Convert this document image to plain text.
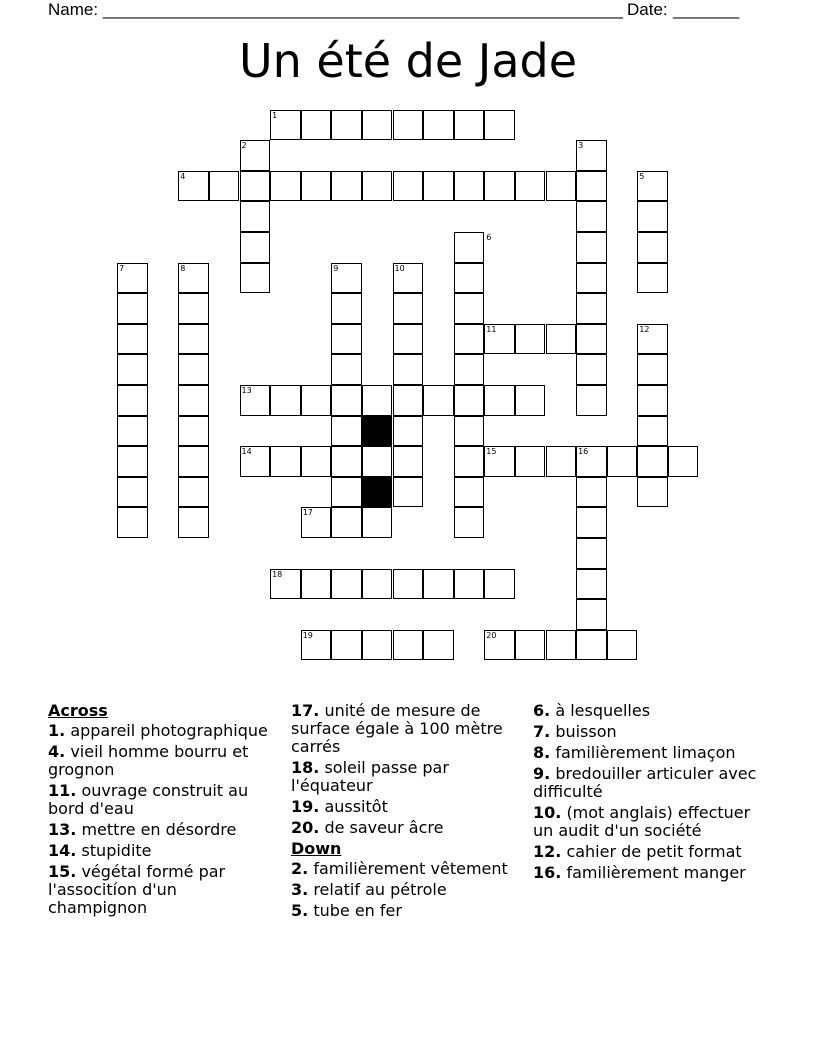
Name: _______________________________________________________ Date: _______
Un été de Jade
1
2	3
4	5
6
7	8	9	10
11	12
13
14	15	16
17
18
19	20
Across
1. appareil photographique
4. vieil homme bourru et grognon
11. ouvrage construit au bord d'eau
13. mettre en désordre
14. stupidite
15. végétal formé par l'associtíon d'un champignon
17. unité de mesure de surface égale à 100 mètre carrés
18. soleil passe par l'équateur
19. aussitôt
20. de saveur âcre
Down
2. familièrement vêtement
3. relatif au pétrole
5. tube en fer
6. à lesquelles
7. buisson
8. familièrement limaçon
9. bredouiller articuler avec difficulté
10. (mot anglais) effectuer un audit d'un société
12. cahier de petit format
16. familièrement manger
